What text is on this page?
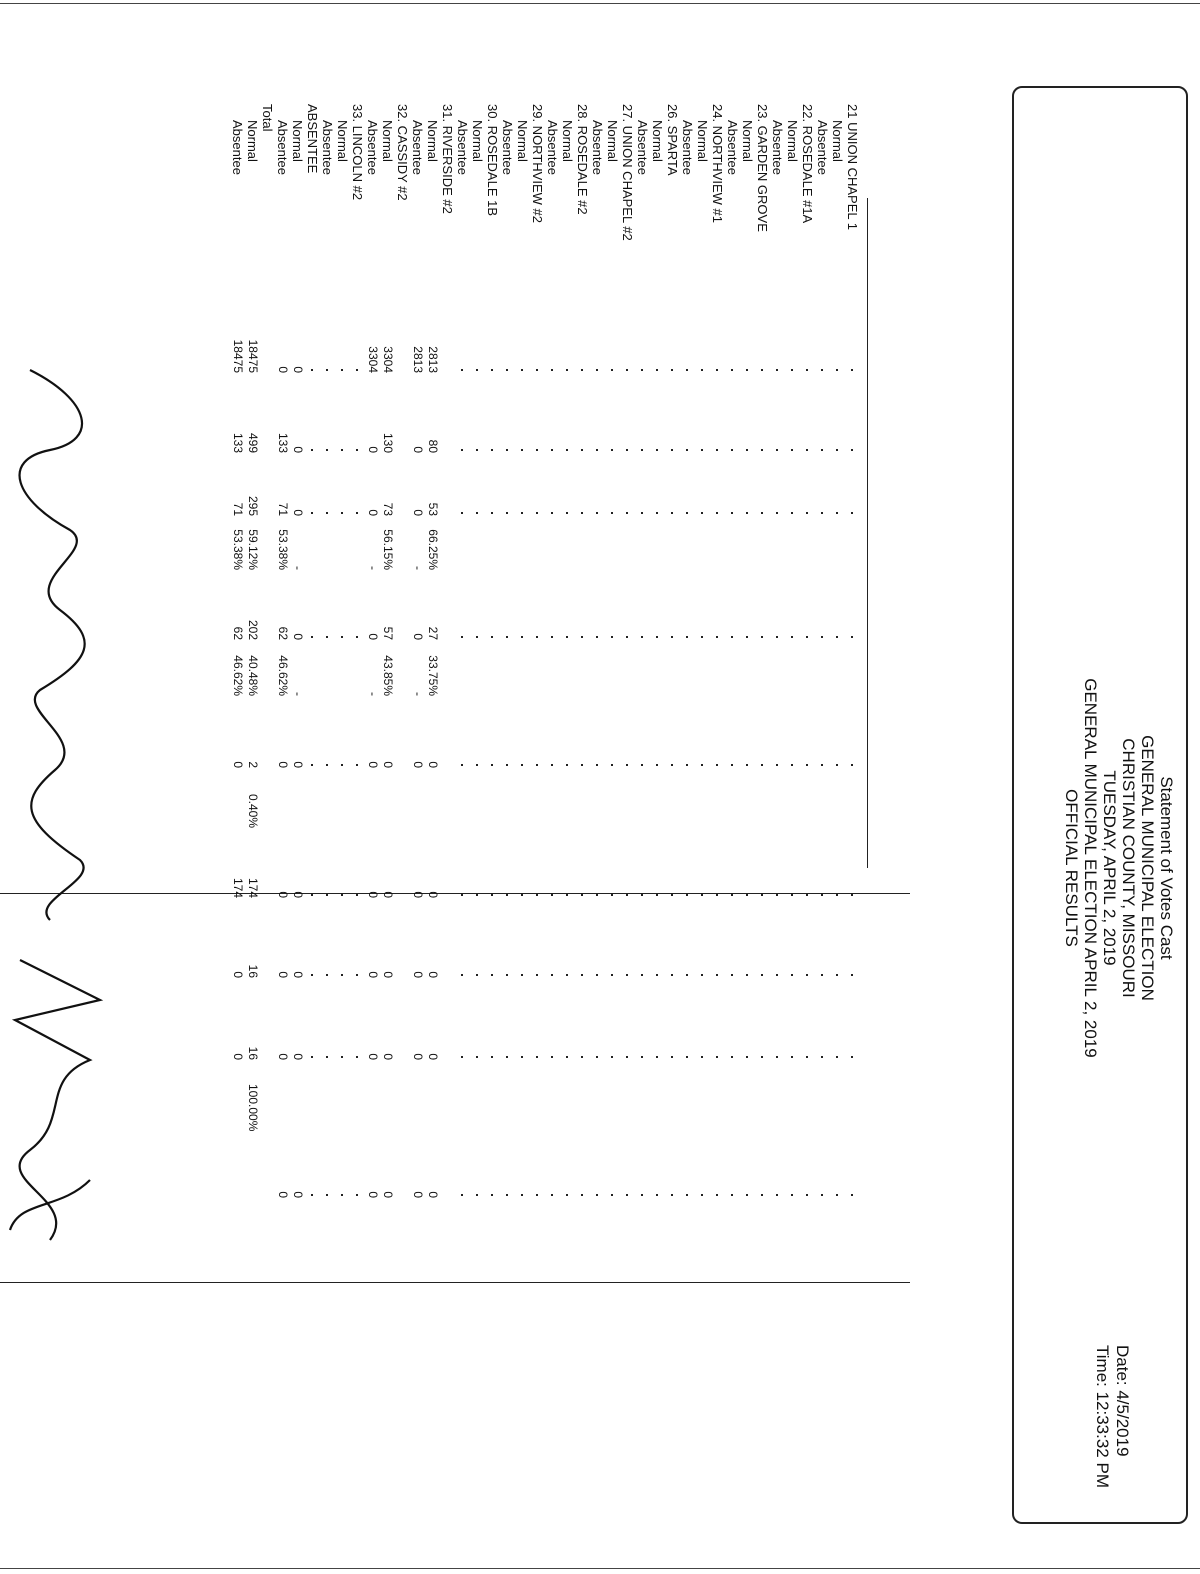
Statement of Votes Cast
GENERAL MUNICIPAL ELECTION
CHRISTIAN COUNTY, MISSOURI
TUESDAY, APRIL 2, 2019
GENERAL MUNICIPAL ELECTION APRIL 2, 2019
OFFICIAL RESULTS
Date: 4/5/2019
Time: 12:33:32 PM
21 UNION CHAPEL 1
Normal
Absentee
22. ROSEDALE #1A
Normal
Absentee
23. GARDEN GROVE
Normal
Absentee
24. NORTHVIEW #1
Normal
Absentee
26. SPARTA
Normal
Absentee
27. UNION CHAPEL #2
Normal
Absentee
28. ROSEDALE #2
Normal
Absentee
29. NORTHVIEW #2
Normal
Absentee
30. ROSEDALE 1B
Normal
Absentee
31. RIVERSIDE #2
Normal
Absentee
32. CASSIDY #2
Normal
Absentee
33. LINCOLN #2
Normal
Absentee
ABSENTEE
Normal
Absentee
Total
Normal
Absentee
2813
80
53
66.25%
27
33.75%
0
0
0
0
0
2813
0
0
-
0
-
0
0
0
0
0
3304
130
73
56.15%
57
43.85%
0
0
0
0
0
3304
0
0
-
0
-
0
0
0
0
0
0
0
0
-
0
-
0
0
0
0
0
0
133
71
53.38%
62
46.62%
0
0
0
0
0
18475
499
295
59.12%
202
40.48%
2
0.40%
174
16
16
100.00%
18475
133
71
53.38%
62
46.62%
0
174
0
0
